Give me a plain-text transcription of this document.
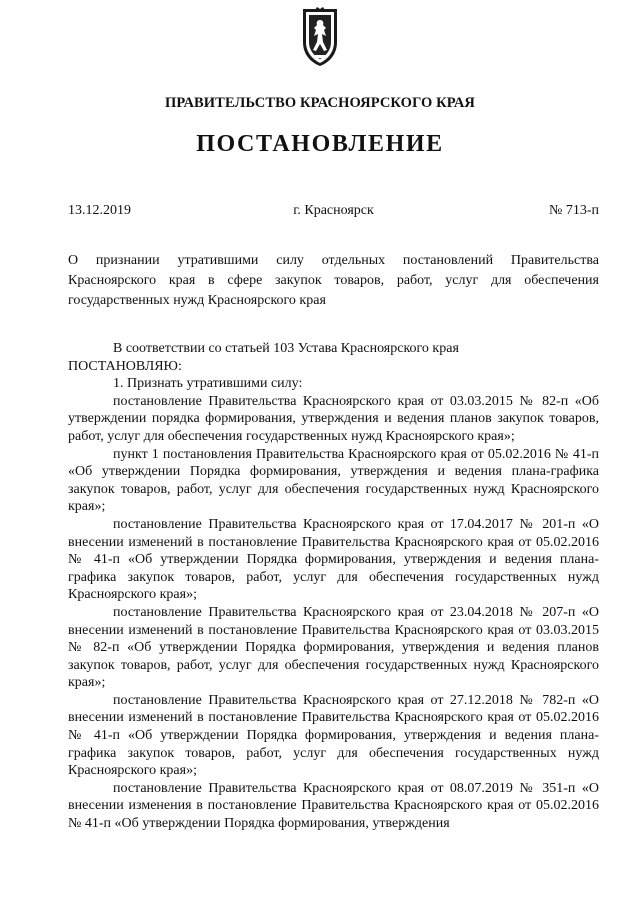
ПРАВИТЕЛЬСТВО КРАСНОЯРСКОГО КРАЯ
ПОСТАНОВЛЕНИЕ
13.12.2019	г. Красноярск	№ 713-п
О признании утратившими силу отдельных постановлений Правительства Красноярского края в сфере закупок товаров, работ, услуг для обеспечения государственных нужд Красноярского края

В соответствии со статьей 103 Устава Красноярского края

ПОСТАНОВЛЯЮ:

1. Признать утратившими силу:

постановление Правительства Красноярского края от 03.03.2015 № 82-п «Об утверждении порядка формирования, утверждения и ведения планов закупок товаров, работ, услуг для обеспечения государственных нужд Красноярского края»;

пункт 1 постановления Правительства Красноярского края от 05.02.2016 № 41-п «Об утверждении Порядка формирования, утверждения и ведения плана-графика закупок товаров, работ, услуг для обеспечения государственных нужд Красноярского края»;

постановление Правительства Красноярского края от 17.04.2017 № 201-п «О внесении изменений в постановление Правительства Красноярского края от 05.02.2016 № 41-п «Об утверждении Порядка формирования, утверждения и ведения плана-графика закупок товаров, работ, услуг для обеспечения государственных нужд Красноярского края»;

постановление Правительства Красноярского края от 23.04.2018 № 207-п «О внесении изменений в постановление Правительства Красноярского края от 03.03.2015 № 82-п «Об утверждении Порядка формирования, утверждения и ведения планов закупок товаров, работ, услуг для обеспечения государственных нужд Красноярского края»;

постановление Правительства Красноярского края от 27.12.2018 № 782-п «О внесении изменений в постановление Правительства Красноярского края от 05.02.2016 № 41-п «Об утверждении Порядка формирования, утверждения и ведения плана-графика закупок товаров, работ, услуг для обеспечения государственных нужд Красноярского края»;

постановление Правительства Красноярского края от 08.07.2019 № 351-п «О внесении изменения в постановление Правительства Красноярского края от 05.02.2016 № 41-п «Об утверждении Порядка формирования, утверждения
